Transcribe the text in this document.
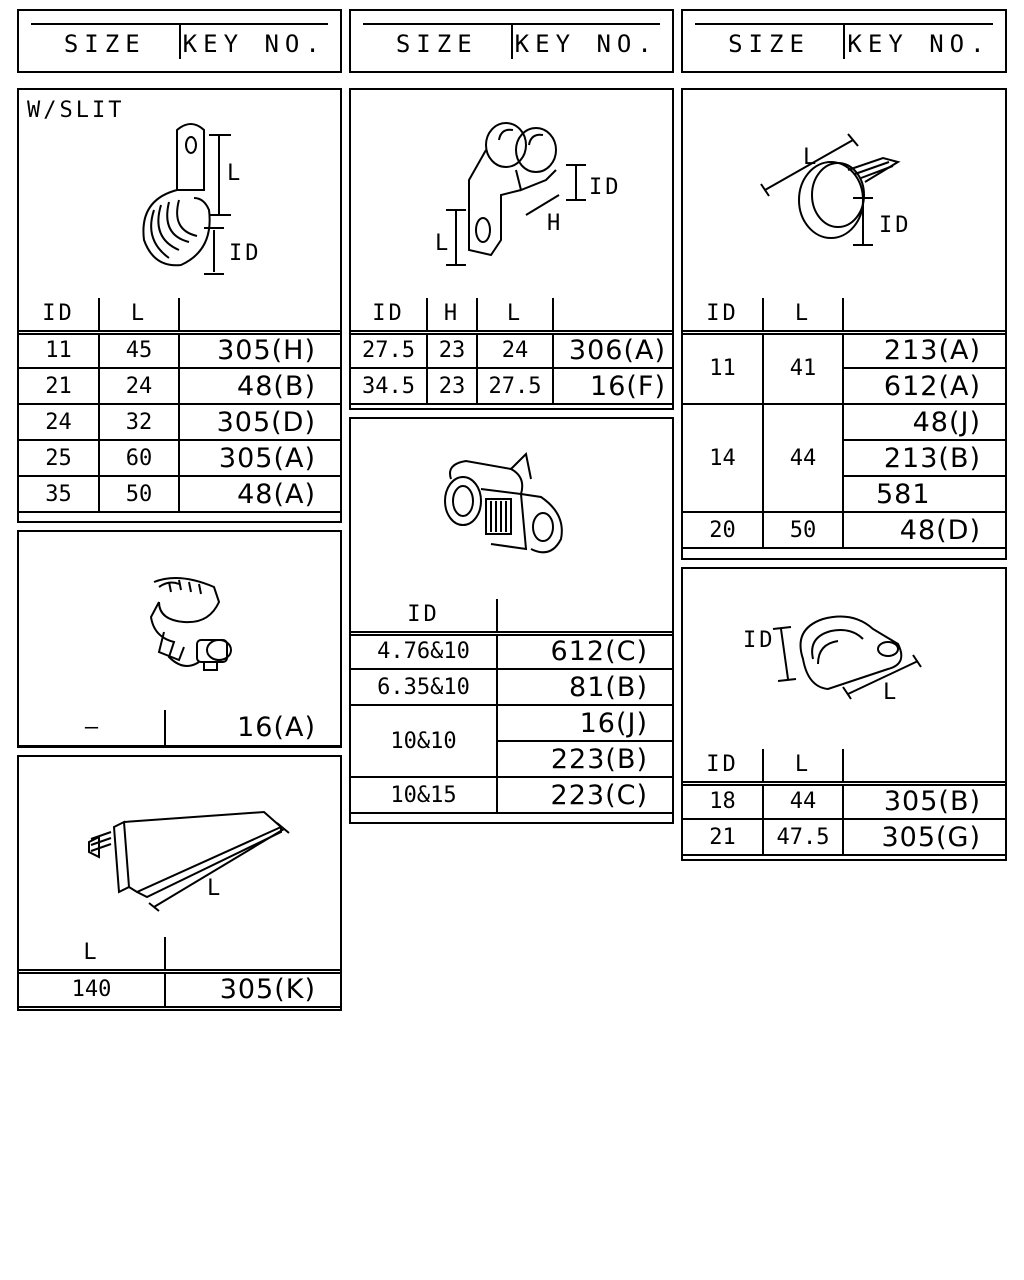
SIZE	KEY NO.	SIZE	KEY NO.	SIZE	KEY NO.
W/SLIT
L
ID
ID	L	
11	45	305(H)
21	24	48(B)
24	32	305(D)
25	60	305(A)
35	50	48(A)
—	16(A)
L
L	
140	305(K)
ID
H
L
ID	H	L	
27.5	23	24	306(A)
34.5	23	27.5	16(F)
ID	
4.76&10	612(C)
6.35&10	81(B)
10&10	16(J)
	223(B)
10&15	223(C)
L
ID
ID	L	
11	41	213(A)
		612(A)
14	44	48(J)
		213(B)
		581
20	50	48(D)
ID
L
ID	L	
18	44	305(B)
21	47.5	305(G)
